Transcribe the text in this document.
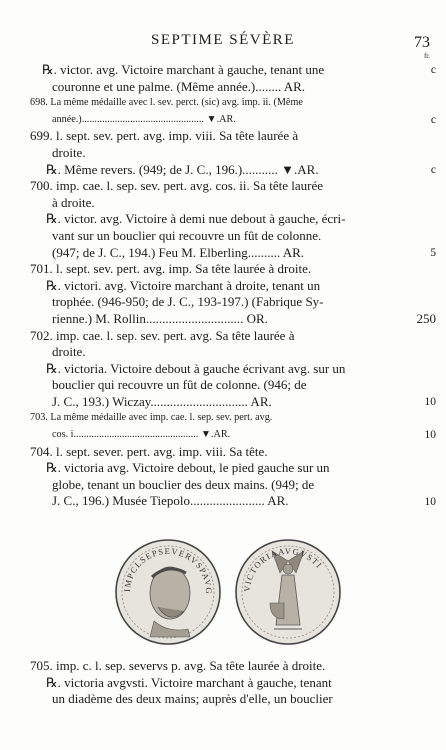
SEPTIME SÉVÈRE	73
fr.
℞. victor. avg. Victoire marchant à gauche, tenant une	c
couronne et une palme. (Même année.)........ AR.
698. La même médaille avec l. sev. perct. (sic) avg. imp. ii. (Même
année.)................................................ ▼.AR.	c
699. l. sept. sev. pert. avg. imp. viii. Sa tête laurée à
droite.
℞. Même revers. (949; de J. C., 196.)........... ▼.AR.	c
700. imp. cae. l. sep. sev. pert. avg. cos. ii. Sa tête laurée
à droite.
℞. victor. avg. Victoire à demi nue debout à gauche, écri-
vant sur un bouclier qui recouvre un fût de colonne.
(947; de J. C., 194.) Feu M. Elberling.......... AR.	5
701. l. sept. sev. pert. avg. imp. Sa tête laurée à droite.
℞. victori. avg. Victoire marchant à droite, tenant un
trophée. (946-950; de J. C., 193-197.) (Fabrique Sy-
rienne.) M. Rollin.............................. OR.	250
702. imp. cae. l. sep. sev. pert. avg. Sa tête laurée à
droite.
℞. victoria. Victoire debout à gauche écrivant avg. sur un
bouclier qui recouvre un fût de colonne. (946; de
J. C., 193.) Wiczay.............................. AR.	10
703. La même médaille avec imp. cae. l. sep. sev. pert. avg.
cos. i................................................. ▼.AR.	10
704. l. sept. sever. pert. avg. imp. viii. Sa tête.
℞. victoria avg. Victoire debout, le pied gauche sur un
globe, tenant un bouclier des deux mains. (949; de
J. C., 196.) Musée Tiepolo....................... AR.	10
IMPCLSEPSEVERVSPAVG	VICTORIAAVGVSTI
705. imp. c. l. sep. severvs p. avg. Sa tête laurée à droite.
℞. victoria avgvsti. Victoire marchant à gauche, tenant
un diadème des deux mains; auprès d'elle, un bouclier
